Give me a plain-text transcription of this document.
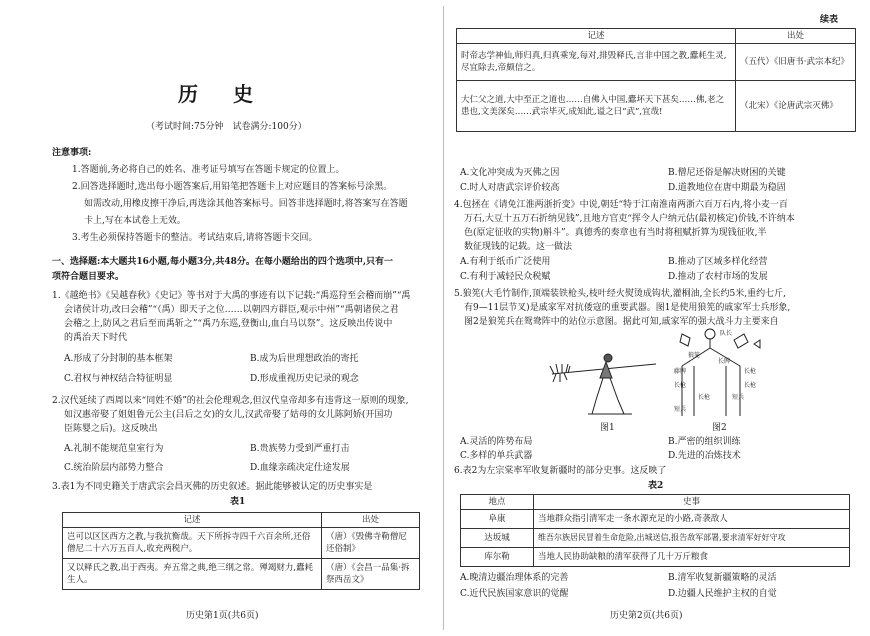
历 史
（考试时间:75分钟　试卷满分:100分）
注意事项:
1.答题前,务必将自己的姓名、准考证号填写在答题卡规定的位置上。
2.回答选择题时,选出每小题答案后,用铅笔把答题卡上对应题目的答案标号涂黑。
如需改动,用橡皮擦干净后,再选涂其他答案标号。回答非选择题时,将答案写在答题
卡上,写在本试卷上无效。
3.考生必须保持答题卡的整洁。考试结束后,请将答题卡交回。
一、选择题:本大题共16小题,每小题3分,共48分。在每小题给出的四个选项中,只有一
项符合题目要求。
1.《越绝书》《吴越春秋》《史记》等书对于大禹的事迹有以下记载:“禹巡狩至会稽而崩”“禹
会诸侯计功,改曰会稽”“（禹）即天子之位……以朝四方群臣,观示中州”“禹朝诸侯之君
会稽之上,防风之君后至而禹斩之”“禹乃东巡,登衡山,血白马以祭”。这反映出传说中
的禹治天下时代
A.形成了分封制的基本框架	B.成为后世理想政治的寄托
C.君权与神权结合特征明显	D.形成重视历史记录的观念
2.汉代延续了西周以来“同姓不婚”的社会伦理观念,但汉代皇帝却多有违背这一原则的现象,
如汉惠帝娶了姐姐鲁元公主(吕后之女)的女儿,汉武帝娶了姑母的女儿陈阿娇(开国功
臣陈婴之后)。这反映出
A.礼制不能规范皇室行为	B.贵族势力受到严重打击
C.统治阶层内部势力整合	D.血缘亲疏决定仕途发展
3.表1为不同史籍关于唐武宗会昌灭佛的历史叙述。据此能够被认定的历史事实是
表1
记述	出处
岂可以区区西方之教,与我抗衡哉。天下所拆寺四千六百余所,还俗僧尼二十六万五百人,收充两税户。	（唐）《毁佛寺勒僧尼还俗制》
又以释氏之教,出于西夷。弃五常之典,绝三纲之常。殚竭财力,蠹耗生人。	（唐）《会昌一品集·拆祭西岳文》
历史第1页(共6页)
续表
记述	出处
时帝志学神仙,师归真,归真乘宠,每对,排毁释氏,言非中国之教,蠹耗生灵,尽宜除去,帝颇信之。	（五代）《旧唐书·武宗本纪》
大仁父之道,大中至正之道也……自佛入中国,蠹坏天下甚矣……佛,老之患也,文美深矣……武宗毕灭,成知此,谥之曰“武”,宜哉!	（北宋）《论唐武宗灭佛》
A.文化冲突成为灭佛之因	B.僧尼还俗是解决财困的关键
C.时人对唐武宗评价较高	D.道教地位在唐中期最为稳固
4.包拯在《请免江淮两浙折变》中说,朝廷“特于江南淮南两浙六百万石内,将小麦一百
万石,大豆十五万石折纳见钱”,且地方官吏“挥令人户纳元估(最初核定)价钱,不许纳本
色(原定征收的实物)斛斗”。真德秀的奏章也有当时将租赋折算为现钱征收,半
数征现钱的记载。这一做法
A.有利于纸币广泛使用	B.推动了区域多样化经营
C.有利于减轻民众税赋	D.推动了农村市场的发展
5.狼筅(大毛竹制作,顶端装铁枪头,枝叶经火熨烫成钩状,灌桐油,全长约5米,重约七斤,
有9—11层节叉)是戚家军对抗倭寇的重要武器。图1是使用狼筅的戚家军士兵形象,
图2是狼筅兵在鸳鸯阵中的站位示意图。据此可知,戚家军的强大战斗力主要来自
图1
狼筅
长牌
藤牌	长枪
长枪	长枪
长枪	短兵
短兵
队长
图2
A.灵活的阵势布局	B.严密的组织训练
C.多样的单兵武器	D.先进的冶炼技术
6.表2为左宗棠率军收复新疆时的部分史事。这反映了
表2
地点	史事
阜康	当地群众指引清军走一条水源充足的小路,奇袭敌人
达坂城	维吾尔族居民冒着生命危险,出城送信,报告敌军部署,要求清军好好守攻
库尔勒	当地人民协助缺粮的清军获得了几十万斤粮食
A.晚清边疆治理体系的完善	B.清军收复新疆策略的灵活
C.近代民族国家意识的觉醒	D.边疆人民维护主权的自觉
历史第2页(共6页)
